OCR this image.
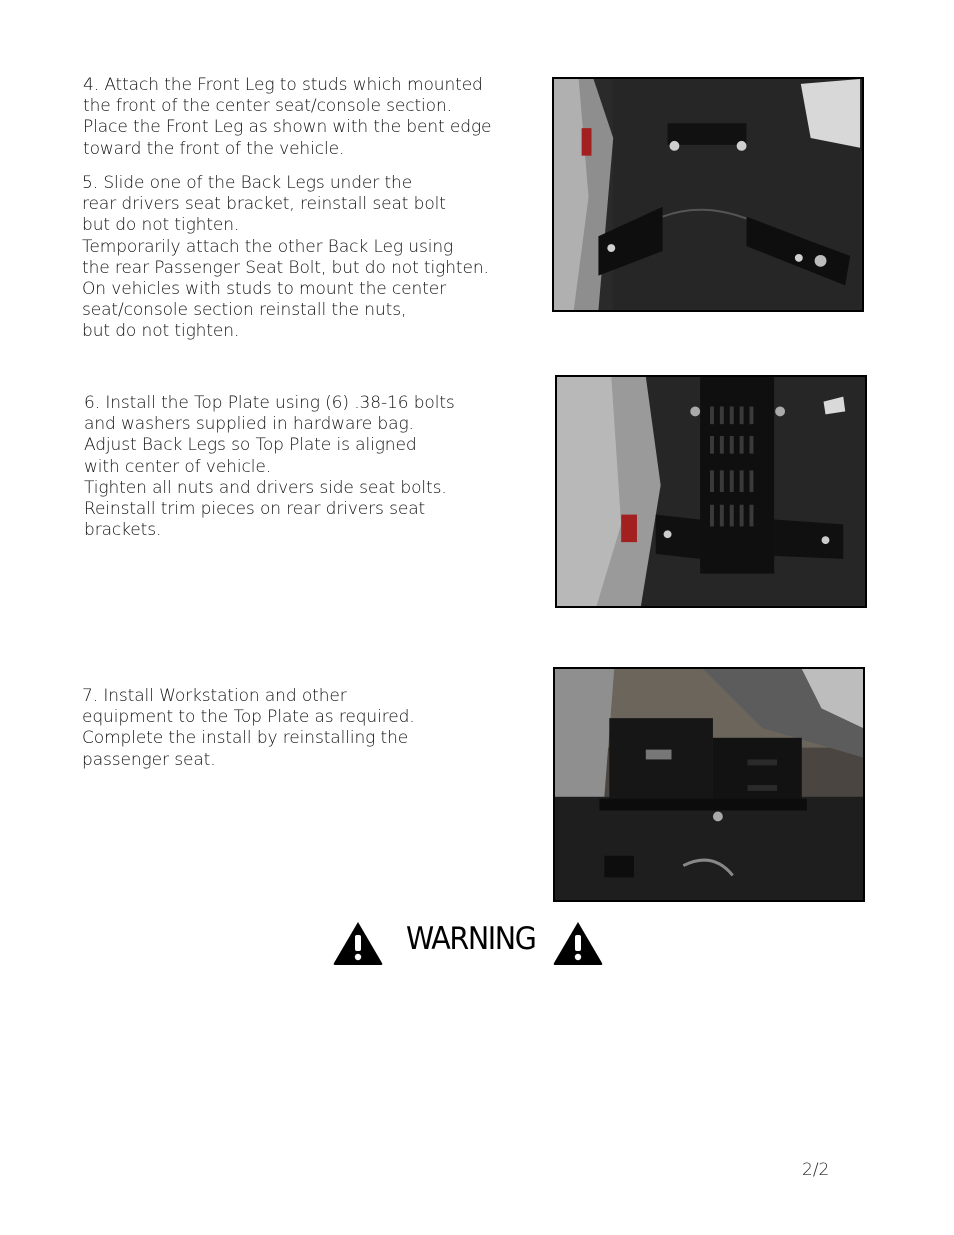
4. Attach the Front Leg to studs which mounted
the front of the center seat/console section.
Place the Front Leg as shown with the bent edge
toward the front of the vehicle.
5. Slide one of the Back Legs under the
rear drivers seat bracket, reinstall seat bolt
but do not tighten.
Temporarily attach the other Back Leg using
the rear Passenger Seat Bolt, but do not tighten.
On vehicles with studs to mount the center
seat/console section reinstall the nuts,
but do not tighten.
6. Install the Top Plate using (6) .38-16 bolts
and washers supplied in hardware bag.
Adjust Back Legs so Top Plate is aligned
with center of vehicle.
Tighten all nuts and drivers side seat bolts.
Reinstall trim pieces on rear drivers seat
brackets.
7. Install Workstation and other
equipment to the Top Plate as required.
Complete the install by reinstalling the
passenger seat.
WARNING
2/2
